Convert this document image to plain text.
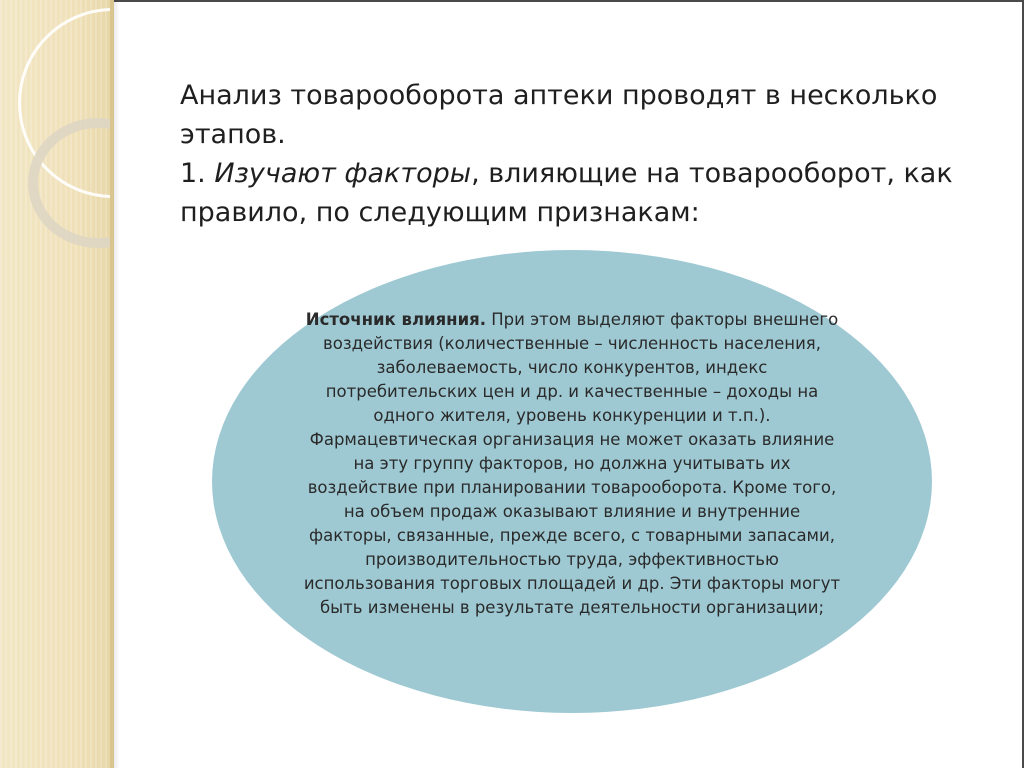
Анализ товарооборота аптеки проводят в несколько этапов.
1. Изучают факторы, влияющие на товарооборот, как правило, по следующим признакам:
Источник влияния. При этом выделяют факторы внешнего воздействия (количественные – численность населения, заболеваемость, число конкурентов, индекс потребительских цен и др. и качественные – доходы на одного жителя, уровень конкуренции и т.п.). Фармацевтическая организация не может оказать влияние на эту группу факторов, но должна учитывать их воздействие при планировании товарооборота. Кроме того, на объем продаж оказывают влияние и внутренние факторы, связанные, прежде всего, с товарными запасами, производительностью труда, эффективностью использования торговых площадей и др. Эти факторы могут быть изменены в результате деятельности организации;
